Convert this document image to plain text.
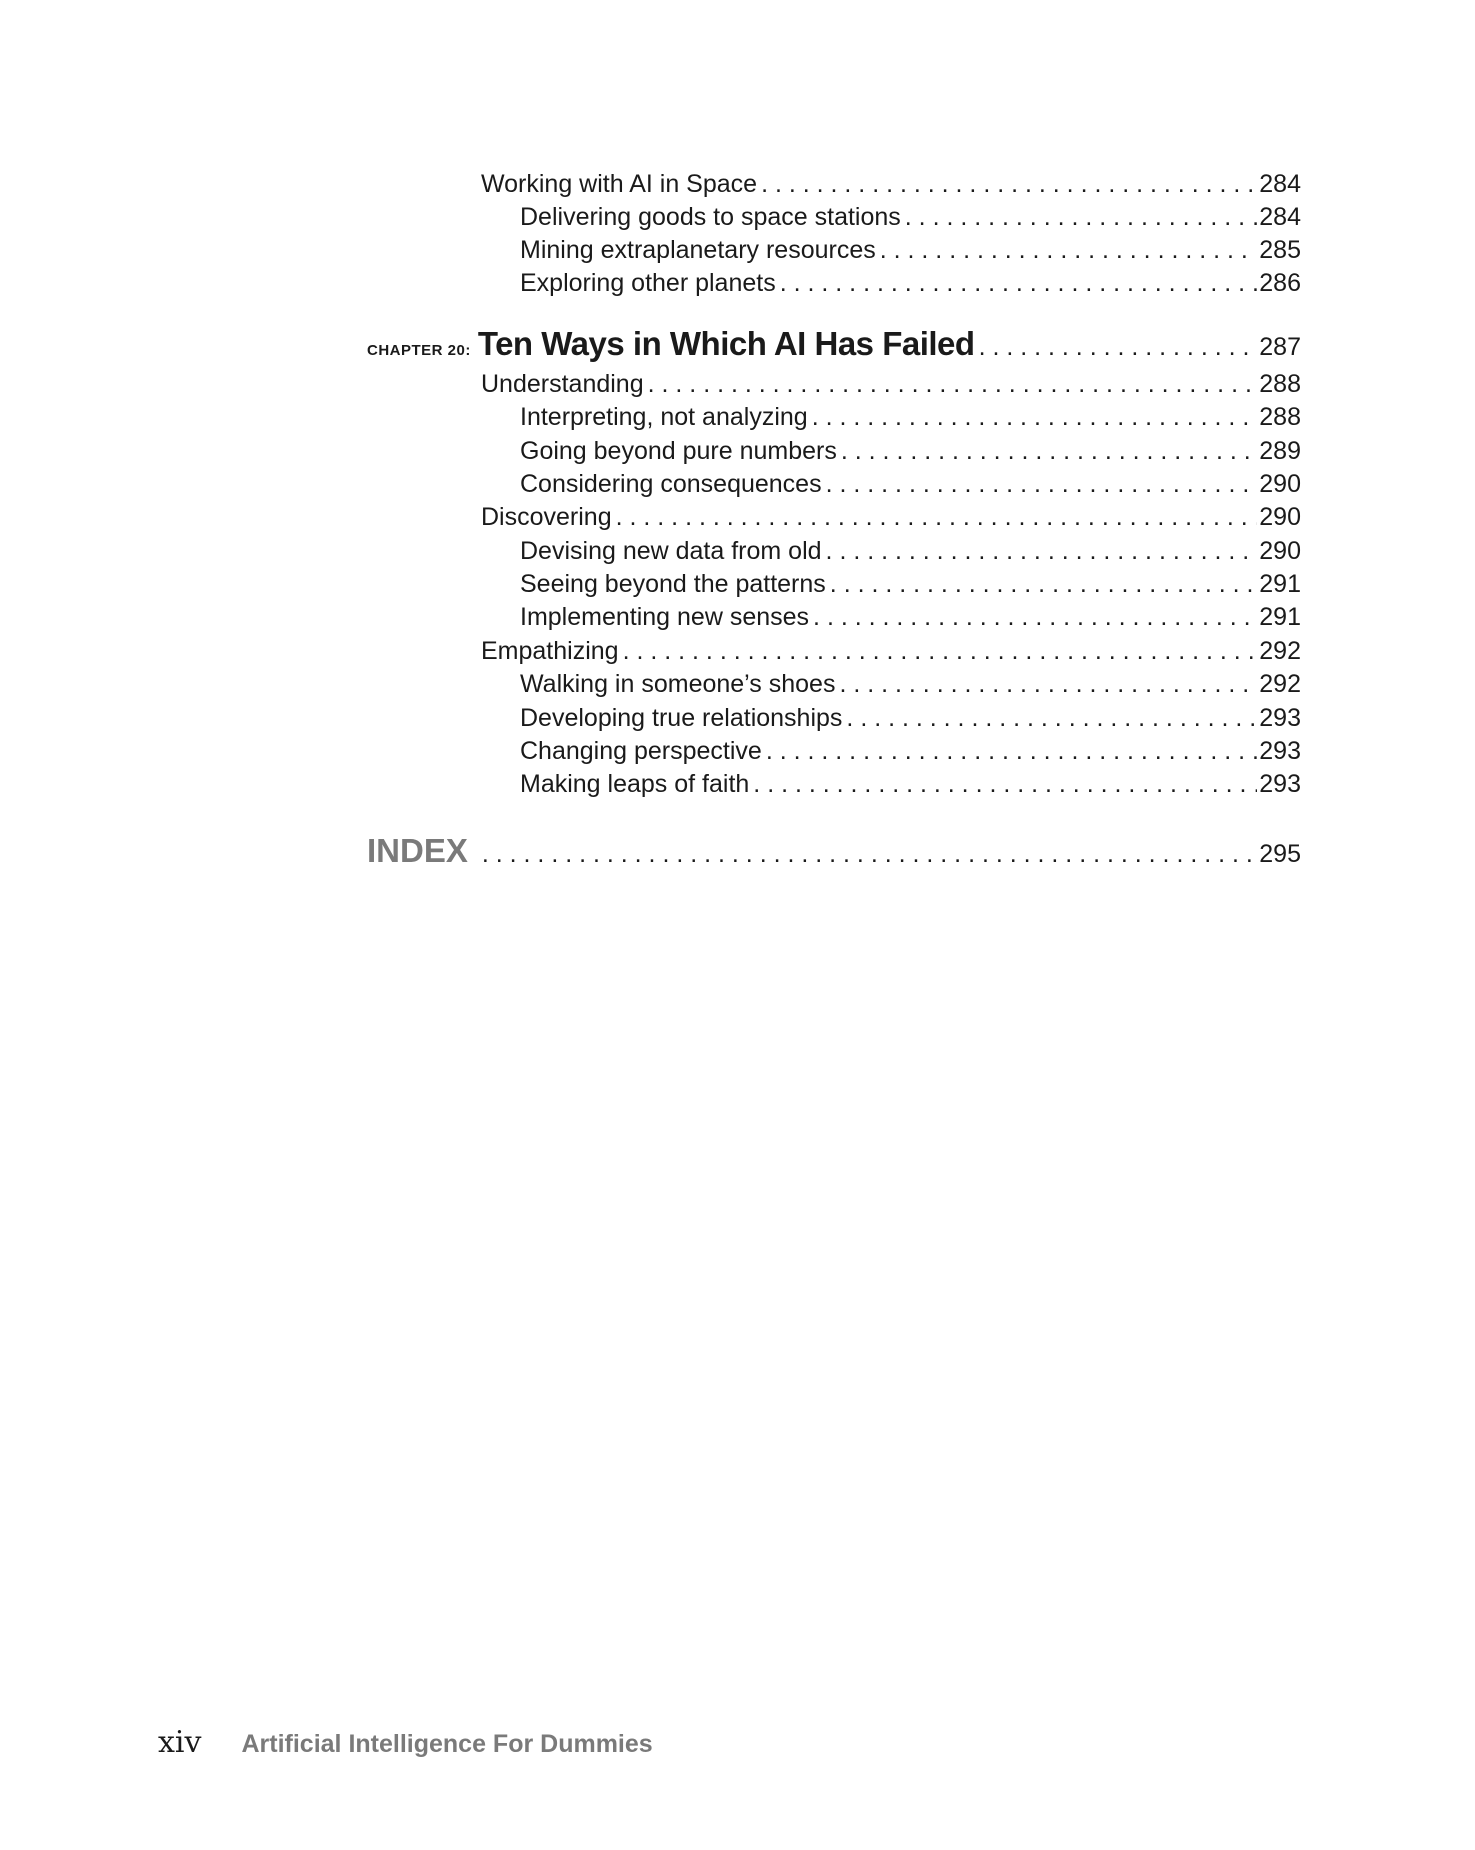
Working with AI in Space . . .	284
Delivering goods to space stations . . .	284
Mining extraplanetary resources . . .	285
Exploring other planets . . .	286
CHAPTER 20: Ten Ways in Which AI Has Failed . . .	287
Understanding . . .	288
Interpreting, not analyzing . . .	288
Going beyond pure numbers . . .	289
Considering consequences . . .	290
Discovering . . .	290
Devising new data from old . . .	290
Seeing beyond the patterns . . .	291
Implementing new senses . . .	291
Empathizing . . .	292
Walking in someone’s shoes . . .	292
Developing true relationships . . .	293
Changing perspective . . .	293
Making leaps of faith . . .	293
INDEX . . .	295
xiv Artificial Intelligence For Dummies
